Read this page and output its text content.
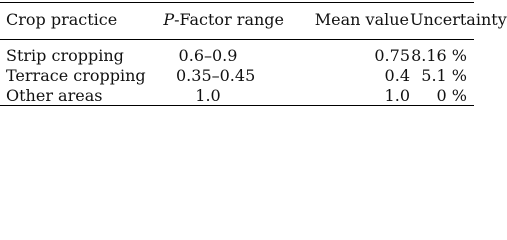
Crop practice	P-Factor range	Mean value Uncertainty
Strip cropping	0.6–0.9	0.75 8.16 %
Terrace cropping 0.35–0.45	0.4 5.1 %
Other areas	1.0	1.0	0 %
